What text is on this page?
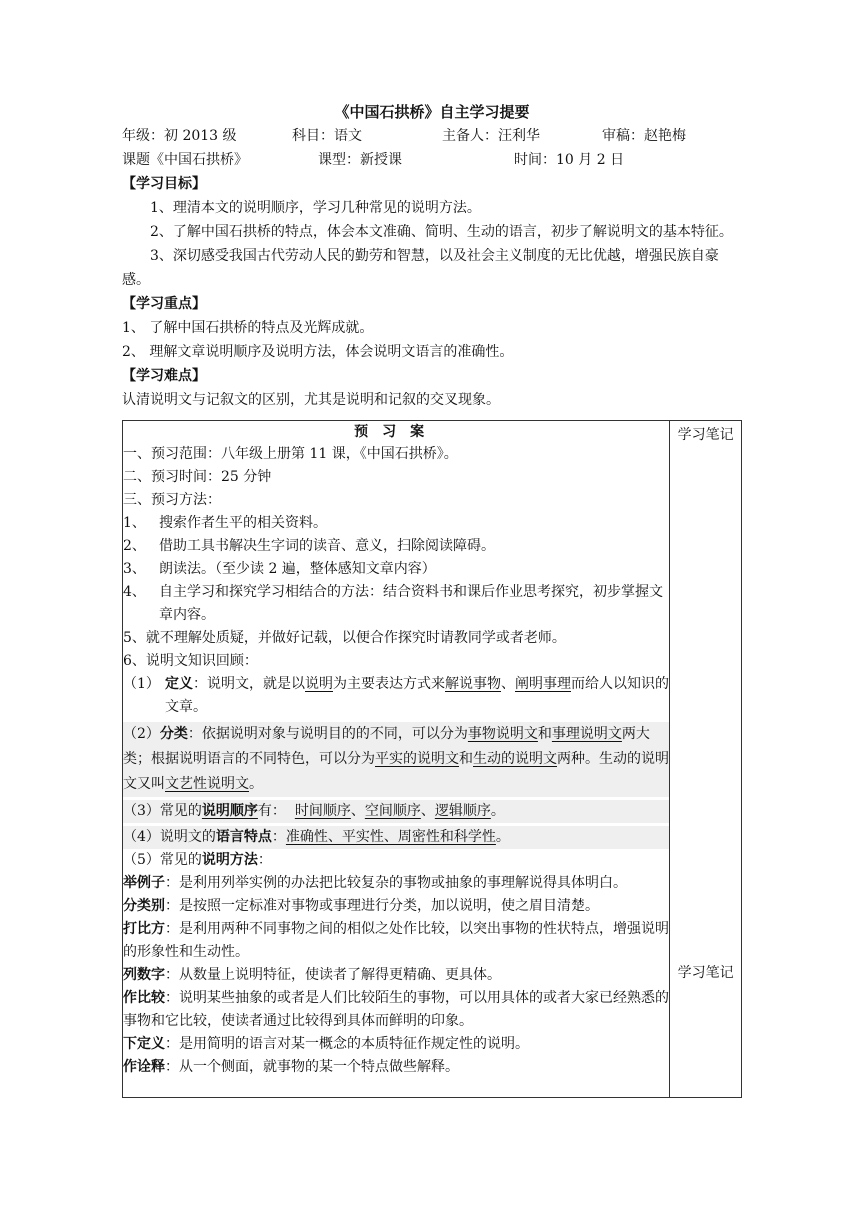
《中国石拱桥》自主学习提要
年级：初 2013 级	科目：语文	主备人：汪利华	审稿：赵艳梅
课题《中国石拱桥》	课型：新授课	时间：10 月 2 日
【学习目标】

1、理清本文的说明顺序，学习几种常见的说明方法。

2、了解中国石拱桥的特点，体会本文准确、简明、生动的语言，初步了解说明文的基本特征。

3、深切感受我国古代劳动人民的勤劳和智慧，以及社会主义制度的无比优越，增强民族自豪感。

【学习重点】

1、 了解中国石拱桥的特点及光辉成就。

2、 理解文章说明顺序及说明方法，体会说明文语言的准确性。

【学习难点】

认清说明文与记叙文的区别，尤其是说明和记叙的交叉现象。

预习案

一、预习范围：八年级上册第 11 课，《中国石拱桥》。

二、预习时间：25 分钟

三、预习方法：

1、 搜索作者生平的相关资料。
2、 借助工具书解决生字词的读音、意义，扫除阅读障碍。
3、 朗读法。（至少读 2 遍，整体感知文章内容）
4、 自主学习和探究学习相结合的方法：结合资料书和课后作业思考探究，初步掌握文章内容。

5、就不理解处质疑，并做好记载，以便合作探究时请教同学或者老师。

6、说明文知识回顾：

（1） 定义：说明文，就是以说明为主要表达方式来解说事物、阐明事理而给人以知识的文章。

（2）分类：依据说明对象与说明目的的不同，可以分为事物说明文和事理说明文两大类；根据说明语言的不同特色，可以分为平实的说明文和生动的说明文两种。生动的说明文又叫文艺性说明文。

（3）常见的说明顺序有： 时间顺序、空间顺序、逻辑顺序。

（4）说明文的语言特点：准确性、平实性、周密性和科学性。

（5）常见的说明方法：

举例子：是利用列举实例的办法把比较复杂的事物或抽象的事理解说得具体明白。

分类别：是按照一定标准对事物或事理进行分类，加以说明，使之眉目清楚。

打比方：是利用两种不同事物之间的相似之处作比较，以突出事物的性状特点，增强说明的形象性和生动性。

列数字：从数量上说明特征，使读者了解得更精确、更具体。

作比较：说明某些抽象的或者是人们比较陌生的事物，可以用具体的或者大家已经熟悉的事物和它比较，使读者通过比较得到具体而鲜明的印象。

下定义：是用简明的语言对某一概念的本质特征作规定性的说明。

作诠释：从一个侧面，就事物的某一个特点做些解释。

学习笔记
学习笔记
